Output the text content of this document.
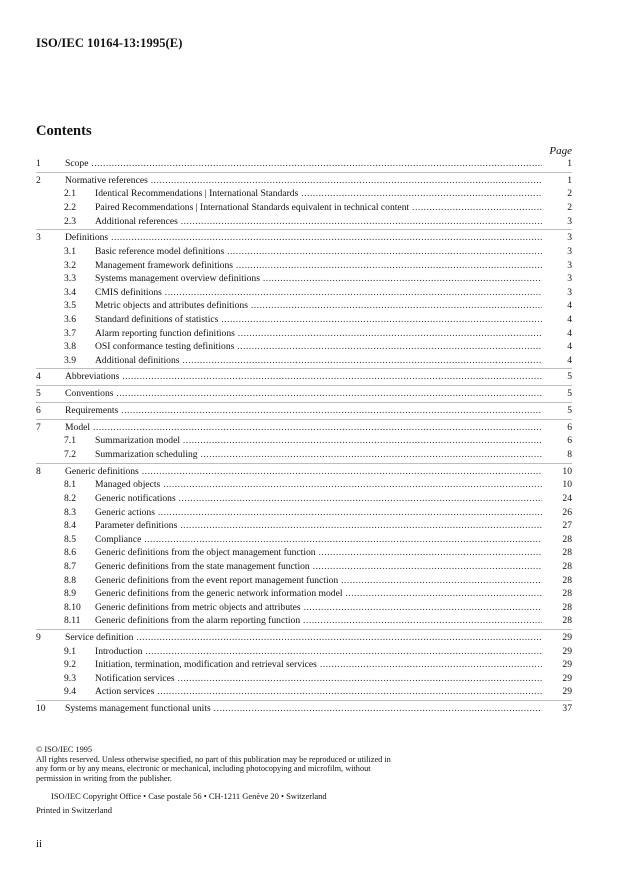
ISO/IEC 10164-13:1995(E)
Contents
Page
1	Scope .....	1
2	Normative references .....	1
2.1 Identical Recommendations | International Standards .....	2
2.2 Paired Recommendations | International Standards equivalent in technical content .....	2
2.3 Additional references .....	3
3	Definitions .....	3
3.1 Basic reference model definitions .....	3
3.2 Management framework definitions .....	3
3.3 Systems management overview definitions .....	3
3.4 CMIS definitions .....	3
3.5 Metric objects and attributes definitions .....	4
3.6 Standard definitions of statistics .....	4
3.7 Alarm reporting function definitions .....	4
3.8 OSI conformance testing definitions .....	4
3.9 Additional definitions .....	4
4	Abbreviations .....	5
5	Conventions .....	5
6	Requirements .....	5
7	Model .....	6
7.1 Summarization model .....	6
7.2 Summarization scheduling .....	8
8	Generic definitions .....	10
8.1 Managed objects .....	10
8.2 Generic notifications .....	24
8.3 Generic actions .....	26
8.4 Parameter definitions .....	27
8.5 Compliance .....	28
8.6 Generic definitions from the object management function .....	28
8.7 Generic definitions from the state management function .....	28
8.8 Generic definitions from the event report management function .....	28
8.9 Generic definitions from the generic network information model .....	28
8.10 Generic definitions from metric objects and attributes .....	28
8.11 Generic definitions from the alarm reporting function .....	28
9	Service definition .....	29
9.1 Introduction .....	29
9.2 Initiation, termination, modification and retrieval services .....	29
9.3 Notification services .....	29
9.4 Action services .....	29
10 Systems management functional units .....	37

© ISO/IEC 1995

All rights reserved. Unless otherwise specified, no part of this publication may be reproduced or utilized in any form or by any means, electronic or mechanical, including photocopying and microfilm, without permission in writing from the publisher.

ISO/IEC Copyright Office • Case postale 56 • CH-1211 Genève 20 • Switzerland
Printed in Switzerland
ii
